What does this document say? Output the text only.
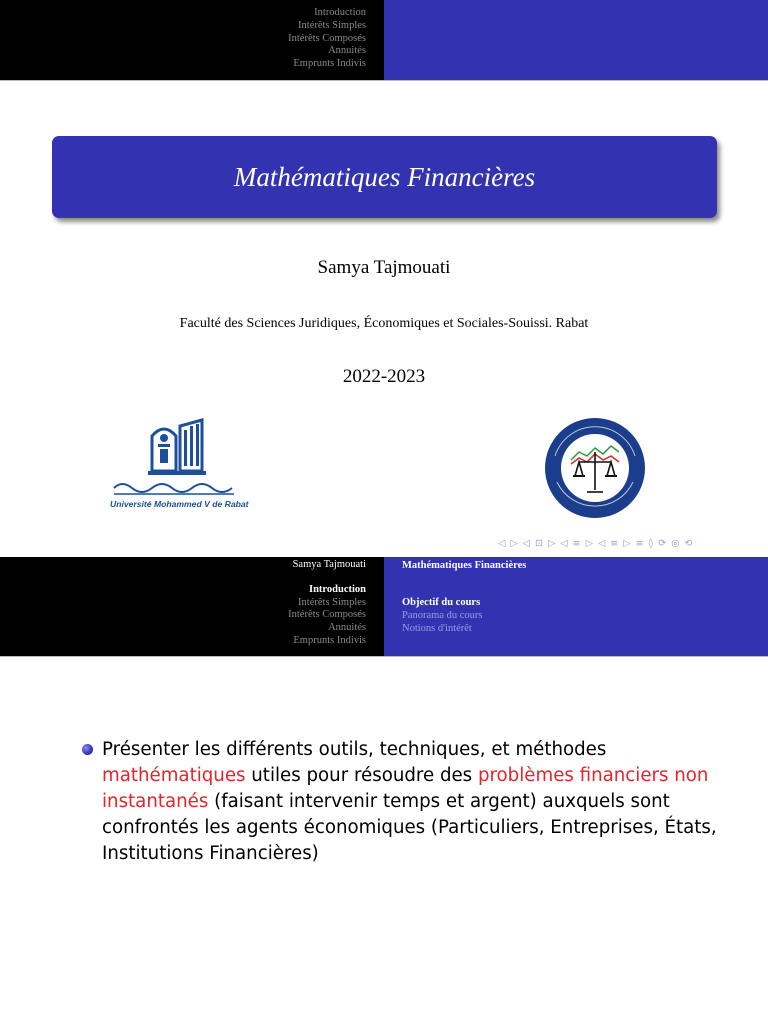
Introduction
Intérêts Simples
Intérêts Composés
Annuités
Emprunts Indivis
Mathématiques Financières
Samya Tajmouati
Faculté des Sciences Juridiques, Économiques et Sociales-Souissi. Rabat
2022-2023
Université Mohammed V de Rabat
◁ ▷ ◁ ⊡ ▷ ◁ ≡ ▷ ◁ ≡ ▷ ≡ ◊ ⟳ ◎ ⟲
Samya Tajmouati
Introduction
Intérêts Simples
Intérêts Composés
Annuités
Emprunts Indivis
Mathématiques Financières
Objectif du cours
Panorama du cours
Notions d'intérêt
Présenter les différents outils, techniques, et méthodes mathématiques utiles pour résoudre des problèmes financiers non instantanés (faisant intervenir temps et argent) auxquels sont confrontés les agents économiques (Particuliers, Entreprises, États, Institutions Financières)
